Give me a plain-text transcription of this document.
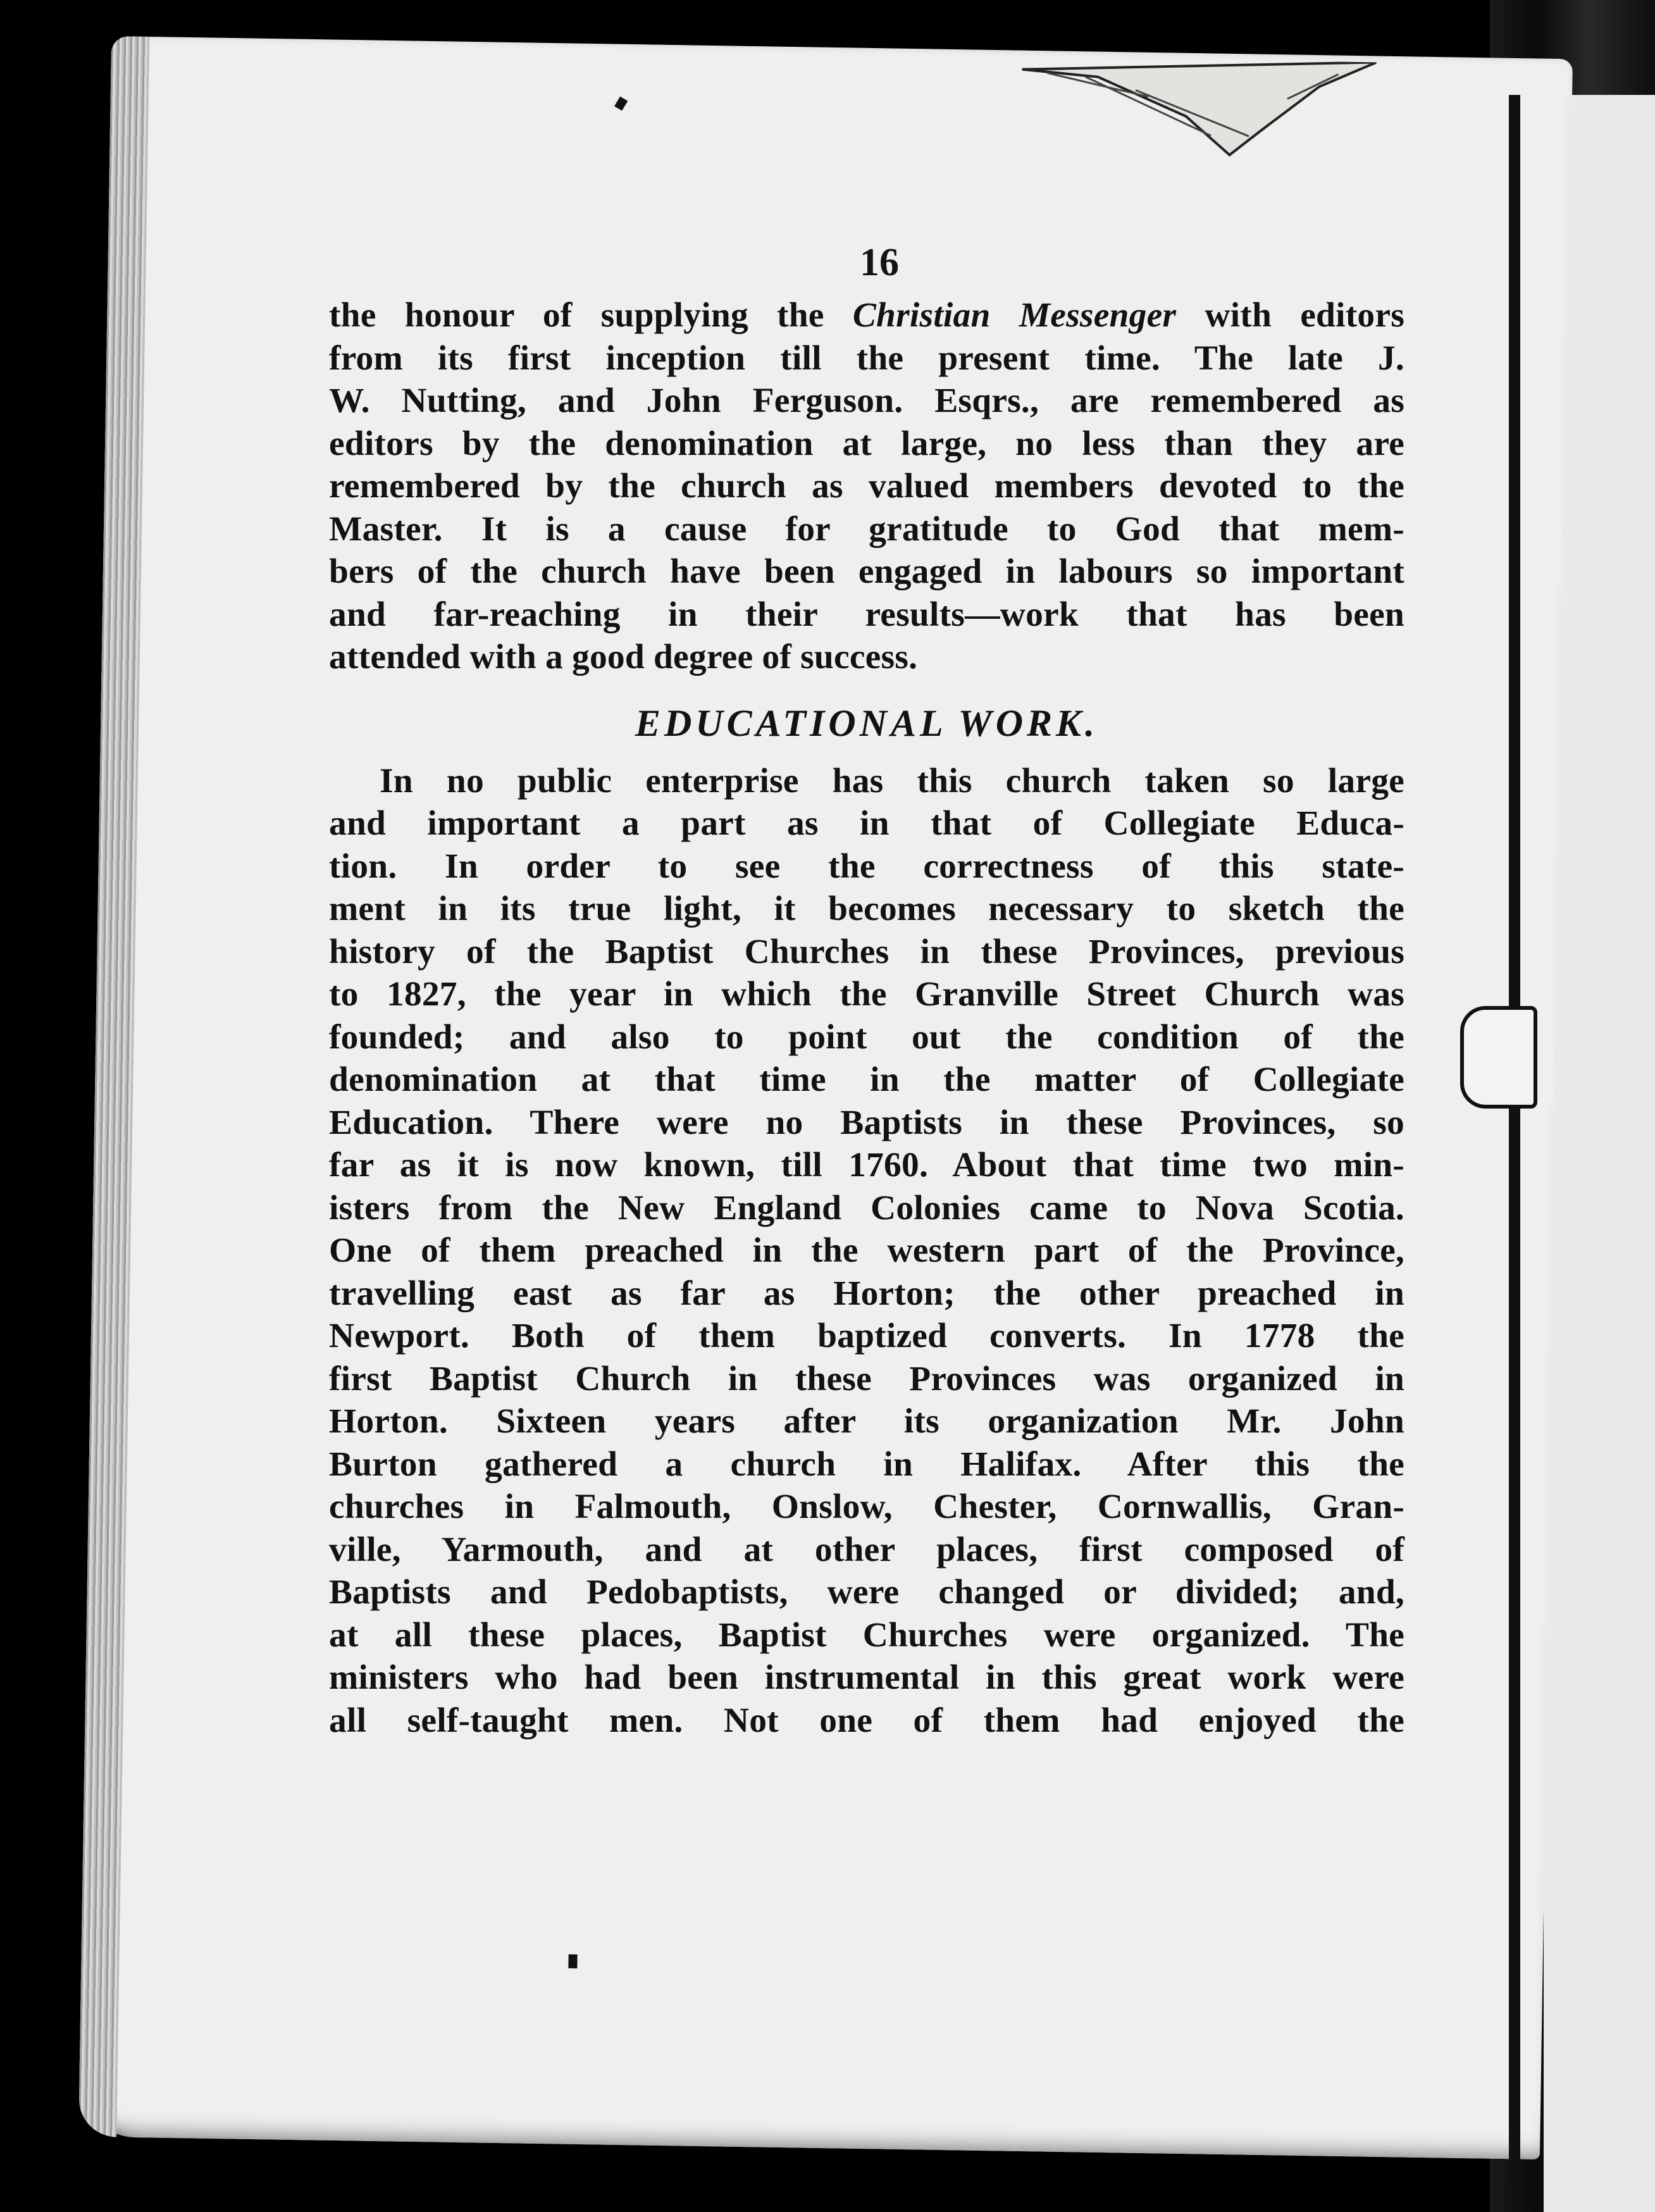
16
the honour of supplying the Christian Messenger with editors
from its first inception till the present time. The late J.
W. Nutting, and John Ferguson. Esqrs., are remembered as
editors by the denomination at large, no less than they are
remembered by the church as valued members devoted to the
Master. It is a cause for gratitude to God that mem-
bers of the church have been engaged in labours so important
and far-reaching in their results—work that has been
attended with a good degree of success.
EDUCATIONAL WORK.
In no public enterprise has this church taken so large
and important a part as in that of Collegiate Educa-
tion. In order to see the correctness of this state-
ment in its true light, it becomes necessary to sketch the
history of the Baptist Churches in these Provinces, previous
to 1827, the year in which the Granville Street Church was
founded; and also to point out the condition of the
denomination at that time in the matter of Collegiate
Education. There were no Baptists in these Provinces, so
far as it is now known, till 1760. About that time two min-
isters from the New England Colonies came to Nova Scotia.
One of them preached in the western part of the Province,
travelling east as far as Horton; the other preached in
Newport. Both of them baptized converts. In 1778 the
first Baptist Church in these Provinces was organized in
Horton. Sixteen years after its organization Mr. John
Burton gathered a church in Halifax. After this the
churches in Falmouth, Onslow, Chester, Cornwallis, Gran-
ville, Yarmouth, and at other places, first composed of
Baptists and Pedobaptists, were changed or divided; and,
at all these places, Baptist Churches were organized. The
ministers who had been instrumental in this great work were
all self-taught men. Not one of them had enjoyed the
